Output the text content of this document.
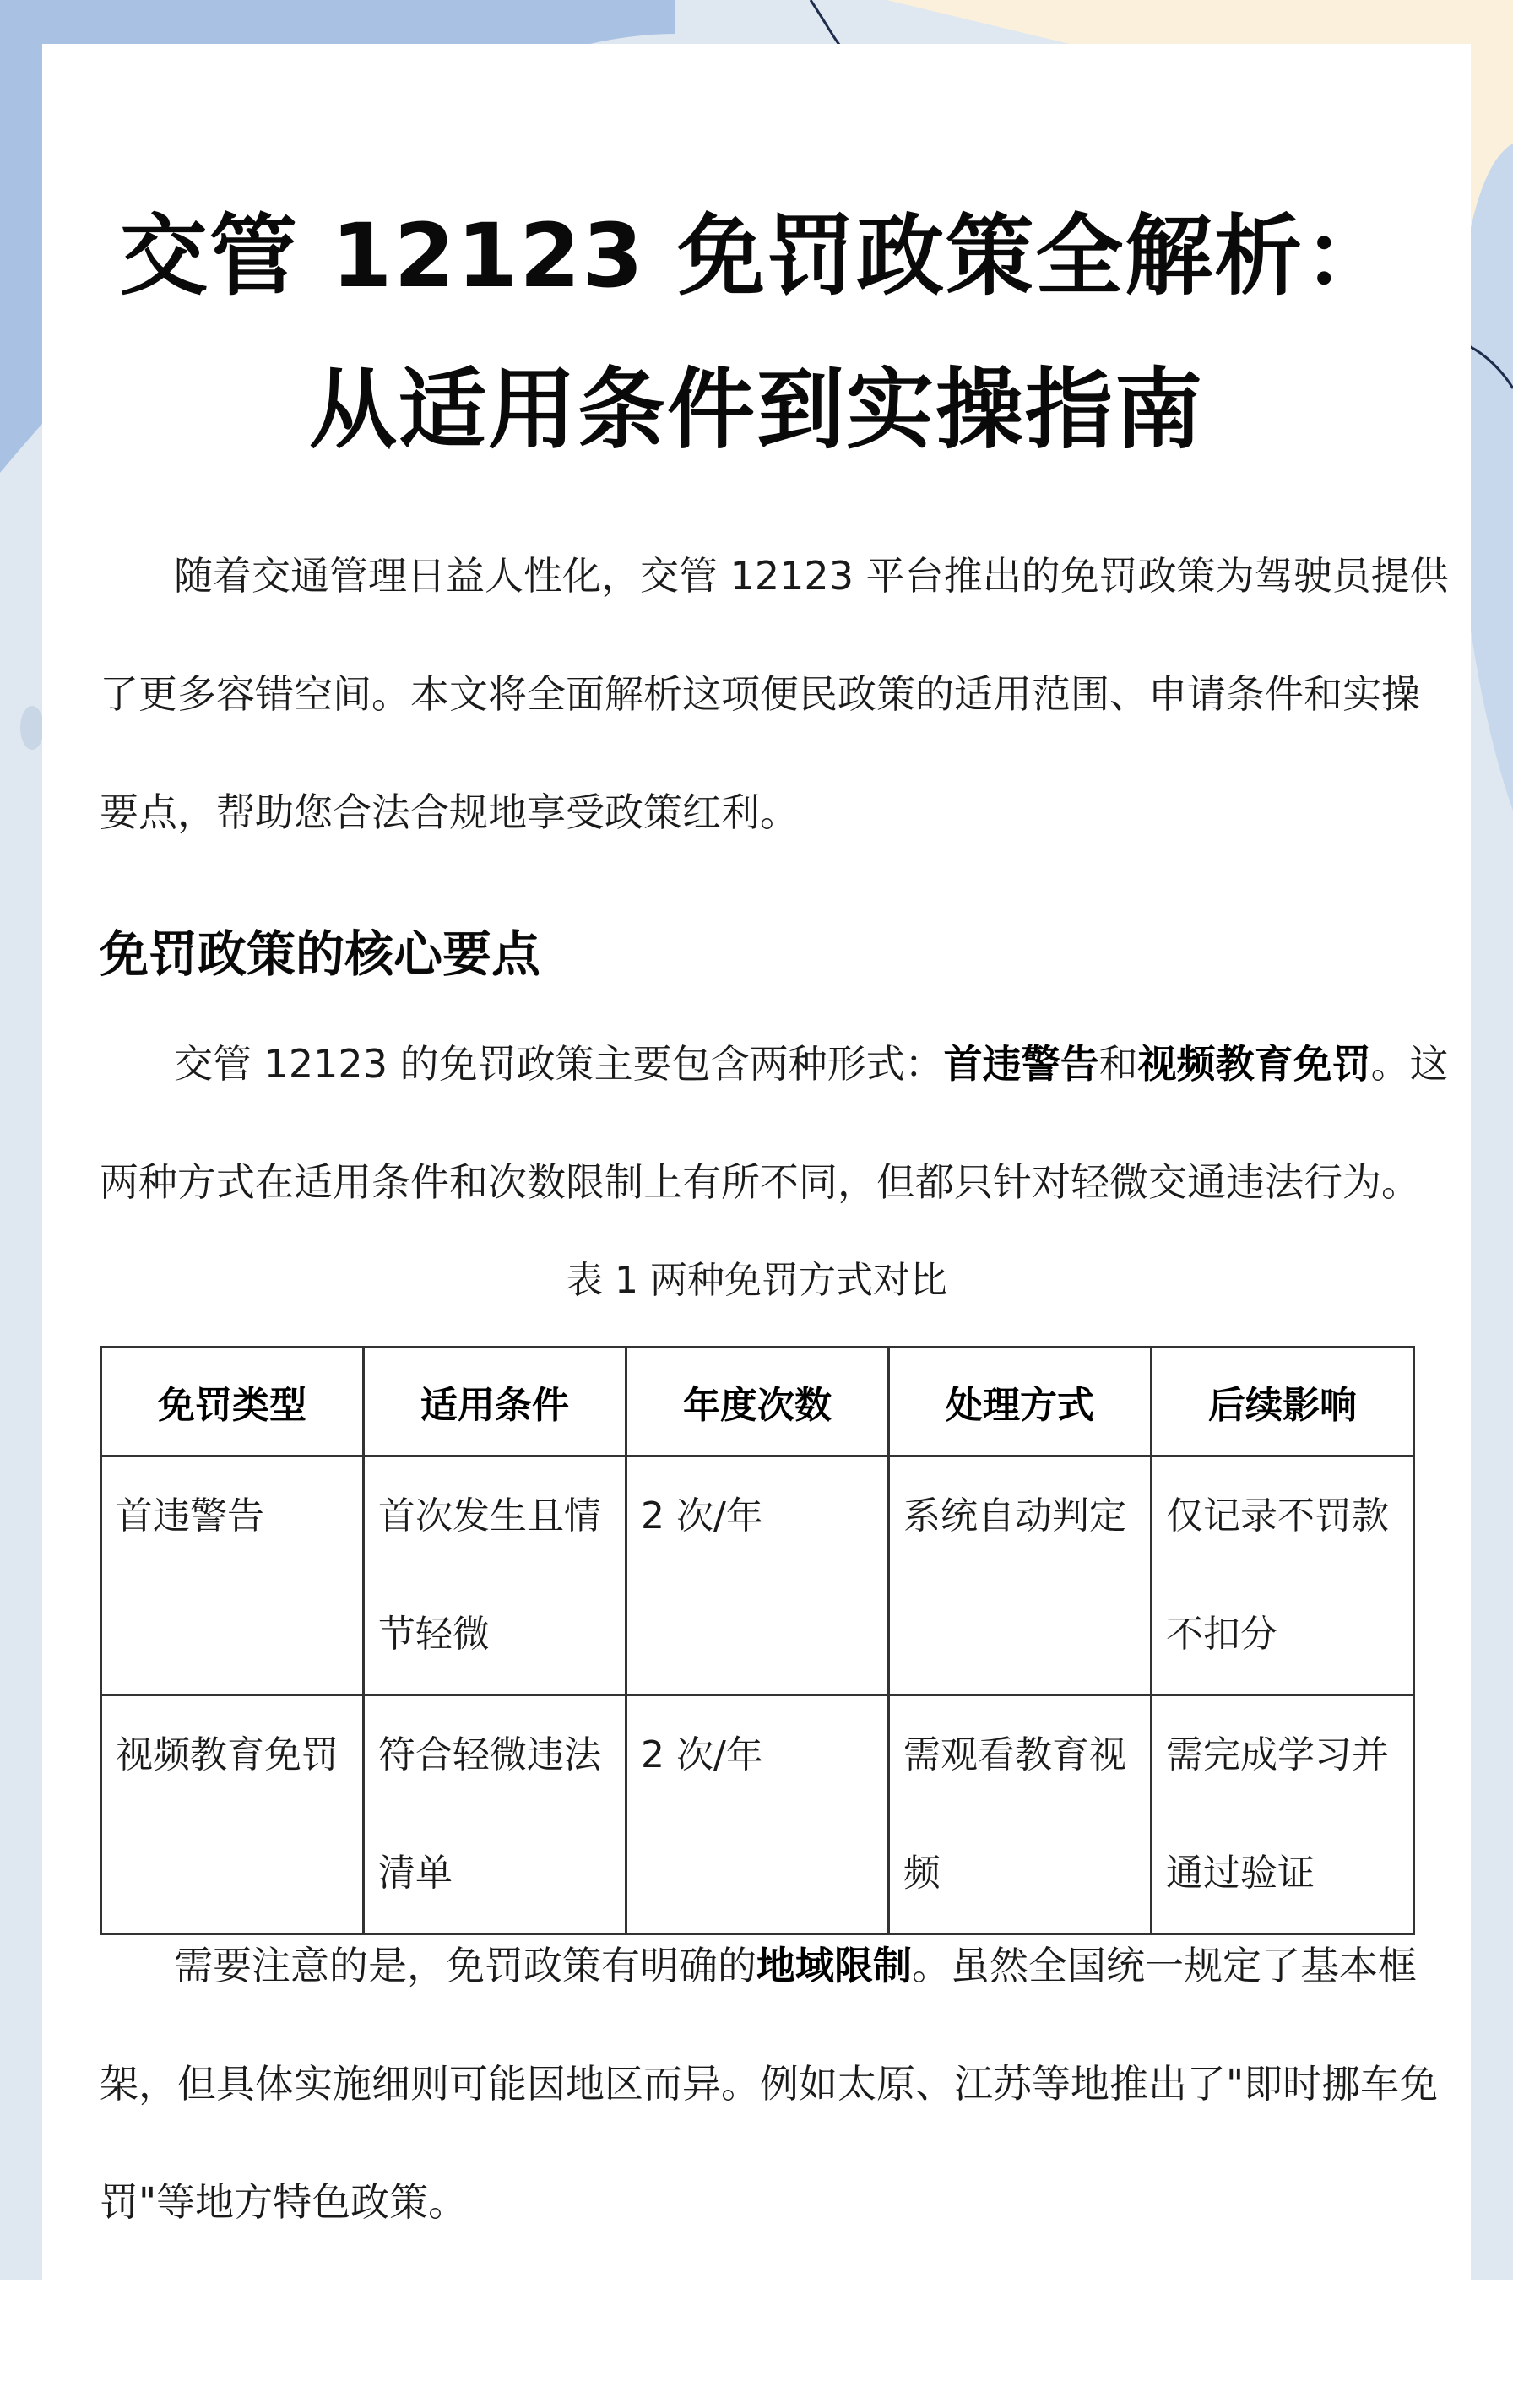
交管 12123 免罚政策全解析：
从适用条件到实操指南

随着交通管理日益人性化，交管 12123 平台推出的免罚政策为驾驶员提供了更多容错空间。本文将全面解析这项便民政策的适用范围、申请条件和实操要点，帮助您合法合规地享受政策红利。

免罚政策的核心要点

交管 12123 的免罚政策主要包含两种形式：首违警告和视频教育免罚。这两种方式在适用条件和次数限制上有所不同，但都只针对轻微交通违法行为。

表 1 两种免罚方式对比
免罚类型	适用条件	年度次数	处理方式	后续影响
首违警告	首次发生且情节轻微	2 次/年	系统自动判定	仅记录不罚款不扣分
视频教育免罚	符合轻微违法清单	2 次/年	需观看教育视频	需完成学习并通过验证

需要注意的是，免罚政策有明确的地域限制。虽然全国统一规定了基本框架，但具体实施细则可能因地区而异。例如太原、江苏等地推出了"即时挪车免罚"等地方特色政策。
